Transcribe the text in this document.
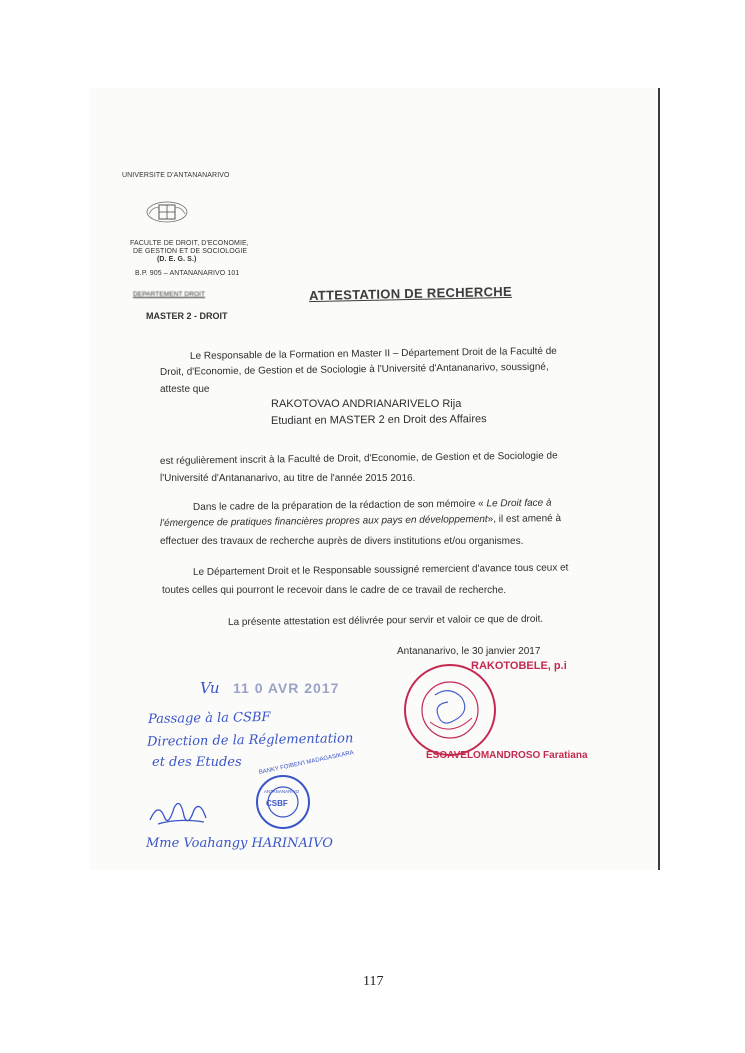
UNIVERSITE D'ANTANANARIVO
FACULTE DE DROIT, D'ECONOMIE,
DE GESTION ET DE SOCIOLOGIE
(D. E. G. S.)
B.P. 905 – ANTANANARIVO 101
DEPARTEMENT DROIT
MASTER 2 - DROIT
ATTESTATION DE RECHERCHE
Le Responsable de la Formation en Master II – Département Droit de la Faculté de
Droit, d'Economie, de Gestion et de Sociologie à l'Université d'Antananarivo, soussigné,
atteste que
RAKOTOVAO ANDRIANARIVELO Rija
Etudiant en MASTER 2 en Droit des Affaires
est régulièrement inscrit à la Faculté de Droit, d'Economie, de Gestion et de Sociologie de
l'Université d'Antananarivo, au titre de l'année 2015 2016.
Dans le cadre de la préparation de la rédaction de son mémoire « Le Droit face à
l'émergence de pratiques financières propres aux pays en développement», il est amené à
effectuer des travaux de recherche auprès de divers institutions et/ou organismes.
Le Département Droit et le Responsable soussigné remercient d'avance tous ceux et
toutes celles qui pourront le recevoir dans le cadre de ce travail de recherche.
La présente attestation est délivrée pour servir et valoir ce que de droit.
Antananarivo, le 30 janvier 2017
RAKOTOBELE, p.i
ESOAVELOMANDROSO Faratiana
Vu 11 0 AVR 2017
Passage à la CSBF
Direction de la Réglementation
et des Etudes
CSBF
BANKY FOIBEN'I MADAGASIKARA
ANTANANARIVO
Mme Voahangy HARINAIVO
117
